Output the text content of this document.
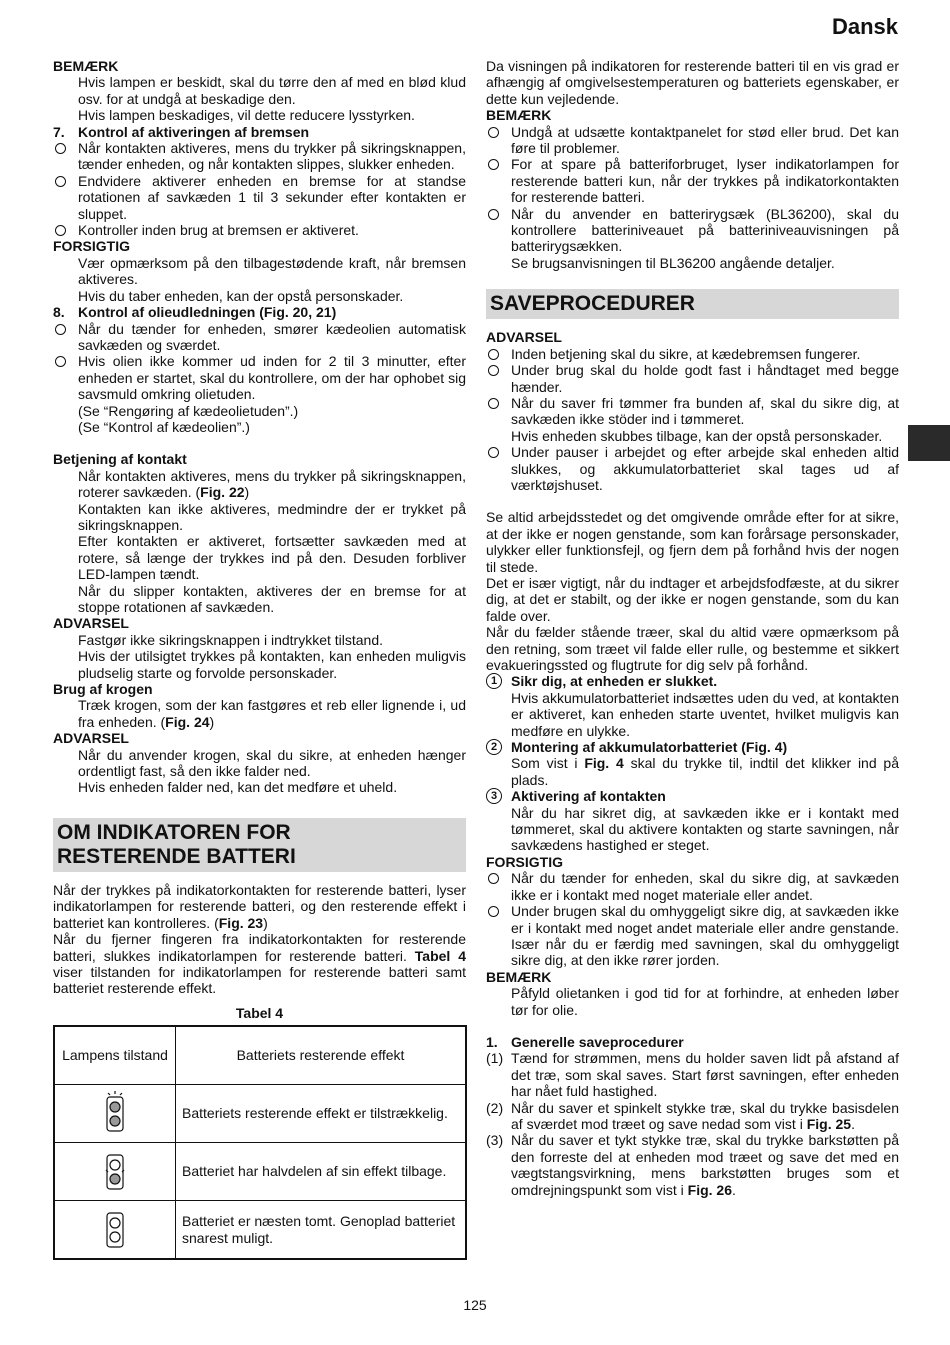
Dansk
BEMÆRK

Hvis lampen er beskidt, skal du tørre den af med en blød klud osv. for at undgå at beskadige den.

Hvis lampen beskadiges, vil dette reducere lysstyrken.

7. Kontrol af aktiveringen af bremsen

Når kontakten aktiveres, mens du trykker på sikringsknappen, tænder enheden, og når kontakten slippes, slukker enheden.

Endvidere aktiverer enheden en bremse for at standse rotationen af savkæden 1 til 3 sekunder efter kontakten er sluppet.

Kontroller inden brug at bremsen er aktiveret.

FORSIGTIG

Vær opmærksom på den tilbagestødende kraft, når bremsen aktiveres.

Hvis du taber enheden, kan der opstå personskader.

8. Kontrol af olieudledningen (Fig. 20, 21)

Når du tænder for enheden, smører kædeolien automatisk savkæden og sværdet.

Hvis olien ikke kommer ud inden for 2 til 3 minutter, efter enheden er startet, skal du kontrollere, om der har ophobet sig savsmuld omkring olietuden.

(Se “Rengøring af kædeolietuden”.)

(Se “Kontrol af kædeolien”.)

Betjening af kontakt

Når kontakten aktiveres, mens du trykker på sikringsknappen, roterer savkæden. (Fig. 22)

Kontakten kan ikke aktiveres, medmindre der er trykket på sikringsknappen.

Efter kontakten er aktiveret, fortsætter savkæden med at rotere, så længe der trykkes ind på den. Desuden forbliver LED-lampen tændt.

Når du slipper kontakten, aktiveres der en bremse for at stoppe rotationen af savkæden.

ADVARSEL

Fastgør ikke sikringsknappen i indtrykket tilstand.

Hvis der utilsigtet trykkes på kontakten, kan enheden muligvis pludselig starte og forvolde personskader.

Brug af krogen

Træk krogen, som der kan fastgøres et reb eller lignende i, ud fra enheden. (Fig. 24)

ADVARSEL

Når du anvender krogen, skal du sikre, at enheden hænger ordentligt fast, så den ikke falder ned.

Hvis enheden falder ned, kan det medføre et uheld.

OM INDIKATOREN FOR
RESTERENDE BATTERI

Når der trykkes på indikatorkontakten for resterende batteri, lyser indikatorlampen for resterende batteri, og den resterende effekt i batteriet kan kontrolleres. (Fig. 23)

Når du fjerner fingeren fra indikatorkontakten for resterende batteri, slukkes indikatorlampen for resterende batteri. Tabel 4 viser tilstanden for indikatorlampen for resterende batteri samt batteriet resterende effekt.

Tabel 4
Lampens tilstand	Batteriets resterende effekt
	Batteriets resterende effekt er tilstrækkelig.
	Batteriet har halvdelen af sin effekt tilbage.
	Batteriet er næsten tomt. Genoplad batteriet snarest muligt.

Da visningen på indikatoren for resterende batteri til en vis grad er afhængig af omgivelsestemperaturen og batteriets egenskaber, er dette kun vejledende.

BEMÆRK

Undgå at udsætte kontaktpanelet for stød eller brud. Det kan føre til problemer.

For at spare på batteriforbruget, lyser indikatorlampen for resterende batteri kun, når der trykkes på indikatorkontakten for resterende batteri.

Når du anvender en batterirygsæk (BL36200), skal du kontrollere batteriniveauet på batteriniveauvisningen på batterirygsækken.

Se brugsanvisningen til BL36200 angående detaljer.

SAVEPROCEDURER
ADVARSEL

Inden betjening skal du sikre, at kædebremsen fungerer.

Under brug skal du holde godt fast i håndtaget med begge hænder.

Når du saver fri tømmer fra bunden af, skal du sikre dig, at savkæden ikke stöder ind i tømmeret.

Hvis enheden skubbes tilbage, kan der opstå personskader.

Under pauser i arbejdet og efter arbejde skal enheden altid slukkes, og akkumulatorbatteriet skal tages ud af værktøjshuset.

Se altid arbejdsstedet og det omgivende område efter for at sikre, at der ikke er nogen genstande, som kan forårsage personskader, ulykker eller funktionsfejl, og fjern dem på forhånd hvis der nogen til stede.

Det er især vigtigt, når du indtager et arbejdsfodfæste, at du sikrer dig, at det er stabilt, og der ikke er nogen genstande, som du kan falde over.

Når du fælder stående træer, skal du altid være opmærksom på den retning, som træet vil falde eller rulle, og bestemme et sikkert evakueringssted og flugtrute for dig selv på forhånd.

1 Sikr dig, at enheden er slukket.

Hvis akkumulatorbatteriet indsættes uden du ved, at kontakten er aktiveret, kan enheden starte uventet, hvilket muligvis kan medføre en ulykke.

2 Montering af akkumulatorbatteriet (Fig. 4)

Som vist i Fig. 4 skal du trykke til, indtil det klikker ind på plads.

3 Aktivering af kontakten

Når du har sikret dig, at savkæden ikke er i kontakt med tømmeret, skal du aktivere kontakten og starte savningen, når savkædens hastighed er steget.

FORSIGTIG

Når du tænder for enheden, skal du sikre dig, at savkæden ikke er i kontakt med noget materiale eller andet.

Under brugen skal du omhyggeligt sikre dig, at savkæden ikke er i kontakt med noget andet materiale eller andre genstande. Især når du er færdig med savningen, skal du omhyggeligt sikre dig, at den ikke rører jorden.

BEMÆRK

Påfyld olietanken i god tid for at forhindre, at enheden løber tør for olie.

1. Generelle saveprocedurer

(1) Tænd for strømmen, mens du holder saven lidt på afstand af det træ, som skal saves. Start først savningen, efter enheden har nået fuld hastighed.

(2) Når du saver et spinkelt stykke træ, skal du trykke basisdelen af sværdet mod træet og save nedad som vist i Fig. 25.

(3) Når du saver et tykt stykke træ, skal du trykke barkstøtten på den forreste del at enheden mod træet og save det med en vægtstangsvirkning, mens barkstøtten bruges som et omdrejningspunkt som vist i Fig. 26.

125
